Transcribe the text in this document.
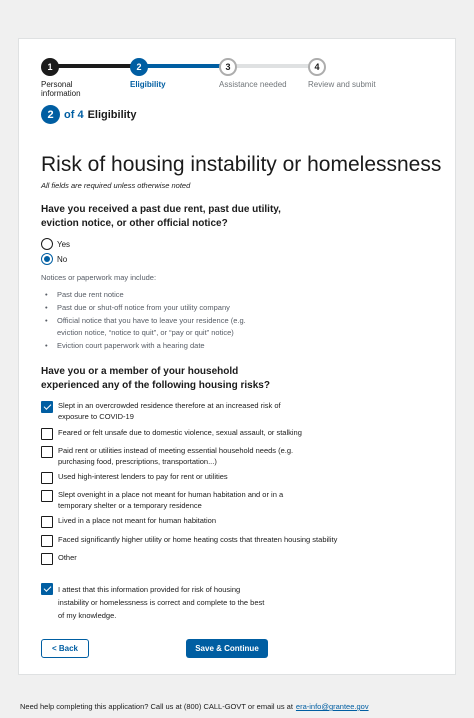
1	2	3	4
Personal information
Eligibility	Assistance needed	Review and submit
2 of 4 Eligibility
Risk of housing instability or homelessness
All fields are required unless otherwise noted
Have you received a past due rent, past due utility, eviction notice, or other official notice?
Yes
No
Notices or paperwork may include:
• Past due rent notice
• Past due or shut-off notice from your utility company
• Official notice that you have to leave your residence (e.g. eviction notice, “notice to quit”, or “pay or quit” notice)
• Eviction court paperwork with a hearing date
Have you or a member of your household experienced any of the following housing risks?
Slept in an overcrowded residence therefore at an increased risk of exposure to COVID-19
Feared or felt unsafe due to domestic violence, sexual assault, or stalking
Paid rent or utilities instead of meeting essential household needs (e.g. purchasing food, prescriptions, transportation...)
Used high-interest lenders to pay for rent or utilities
Slept ovenight in a place not meant for human habitation and or in a temporary shelter or a temporary residence
Lived in a place not meant for human habitation
Faced significantly higher utility or home heating costs that threaten housing stability
Other
I attest that this information provided for risk of housing instability or homelessness is correct and complete to the best of my knowledge.
< Back	Save & Continue
Need help completing this application? Call us at (800) CALL-GOVT or email us at era-info@grantee.gov
